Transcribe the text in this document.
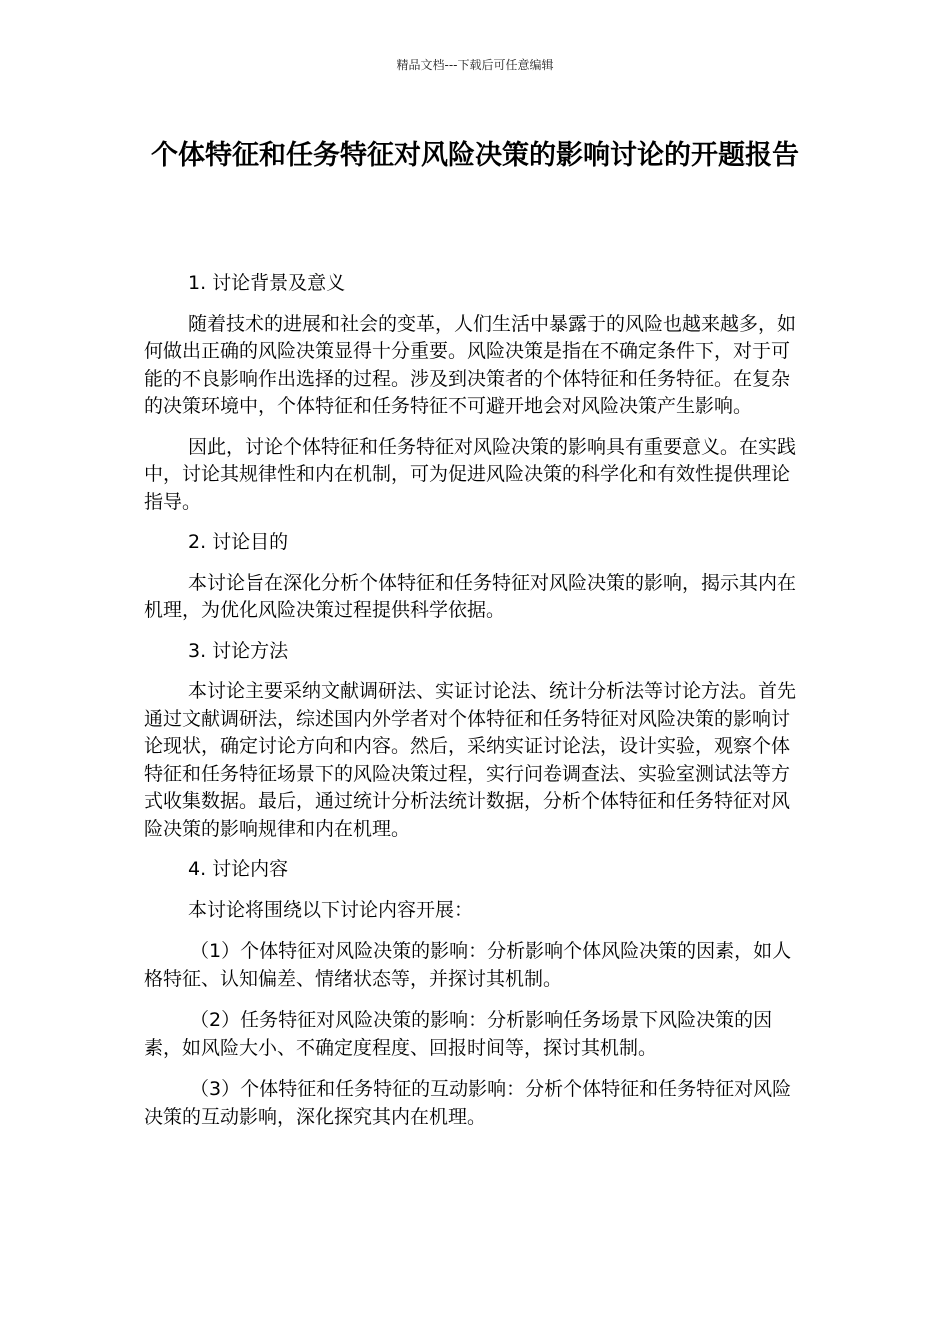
精品文档---下载后可任意编辑
个体特征和任务特征对风险决策的影响讨论的开题报告

1. 讨论背景及意义

随着技术的进展和社会的变革，人们生活中暴露于的风险也越来越多，如何做出正确的风险决策显得十分重要。风险决策是指在不确定条件下，对于可能的不良影响作出选择的过程。涉及到决策者的个体特征和任务特征。在复杂的决策环境中，个体特征和任务特征不可避开地会对风险决策产生影响。

因此，讨论个体特征和任务特征对风险决策的影响具有重要意义。在实践中，讨论其规律性和内在机制，可为促进风险决策的科学化和有效性提供理论指导。

2. 讨论目的

本讨论旨在深化分析个体特征和任务特征对风险决策的影响，揭示其内在机理，为优化风险决策过程提供科学依据。

3. 讨论方法

本讨论主要采纳文献调研法、实证讨论法、统计分析法等讨论方法。首先通过文献调研法，综述国内外学者对个体特征和任务特征对风险决策的影响讨论现状，确定讨论方向和内容。然后，采纳实证讨论法，设计实验，观察个体特征和任务特征场景下的风险决策过程，实行问卷调查法、实验室测试法等方式收集数据。最后，通过统计分析法统计数据，分析个体特征和任务特征对风险决策的影响规律和内在机理。

4. 讨论内容

本讨论将围绕以下讨论内容开展：

（1）个体特征对风险决策的影响：分析影响个体风险决策的因素，如人格特征、认知偏差、情绪状态等，并探讨其机制。

（2）任务特征对风险决策的影响：分析影响任务场景下风险决策的因素，如风险大小、不确定度程度、回报时间等，探讨其机制。

（3）个体特征和任务特征的互动影响：分析个体特征和任务特征对风险决策的互动影响，深化探究其内在机理。
